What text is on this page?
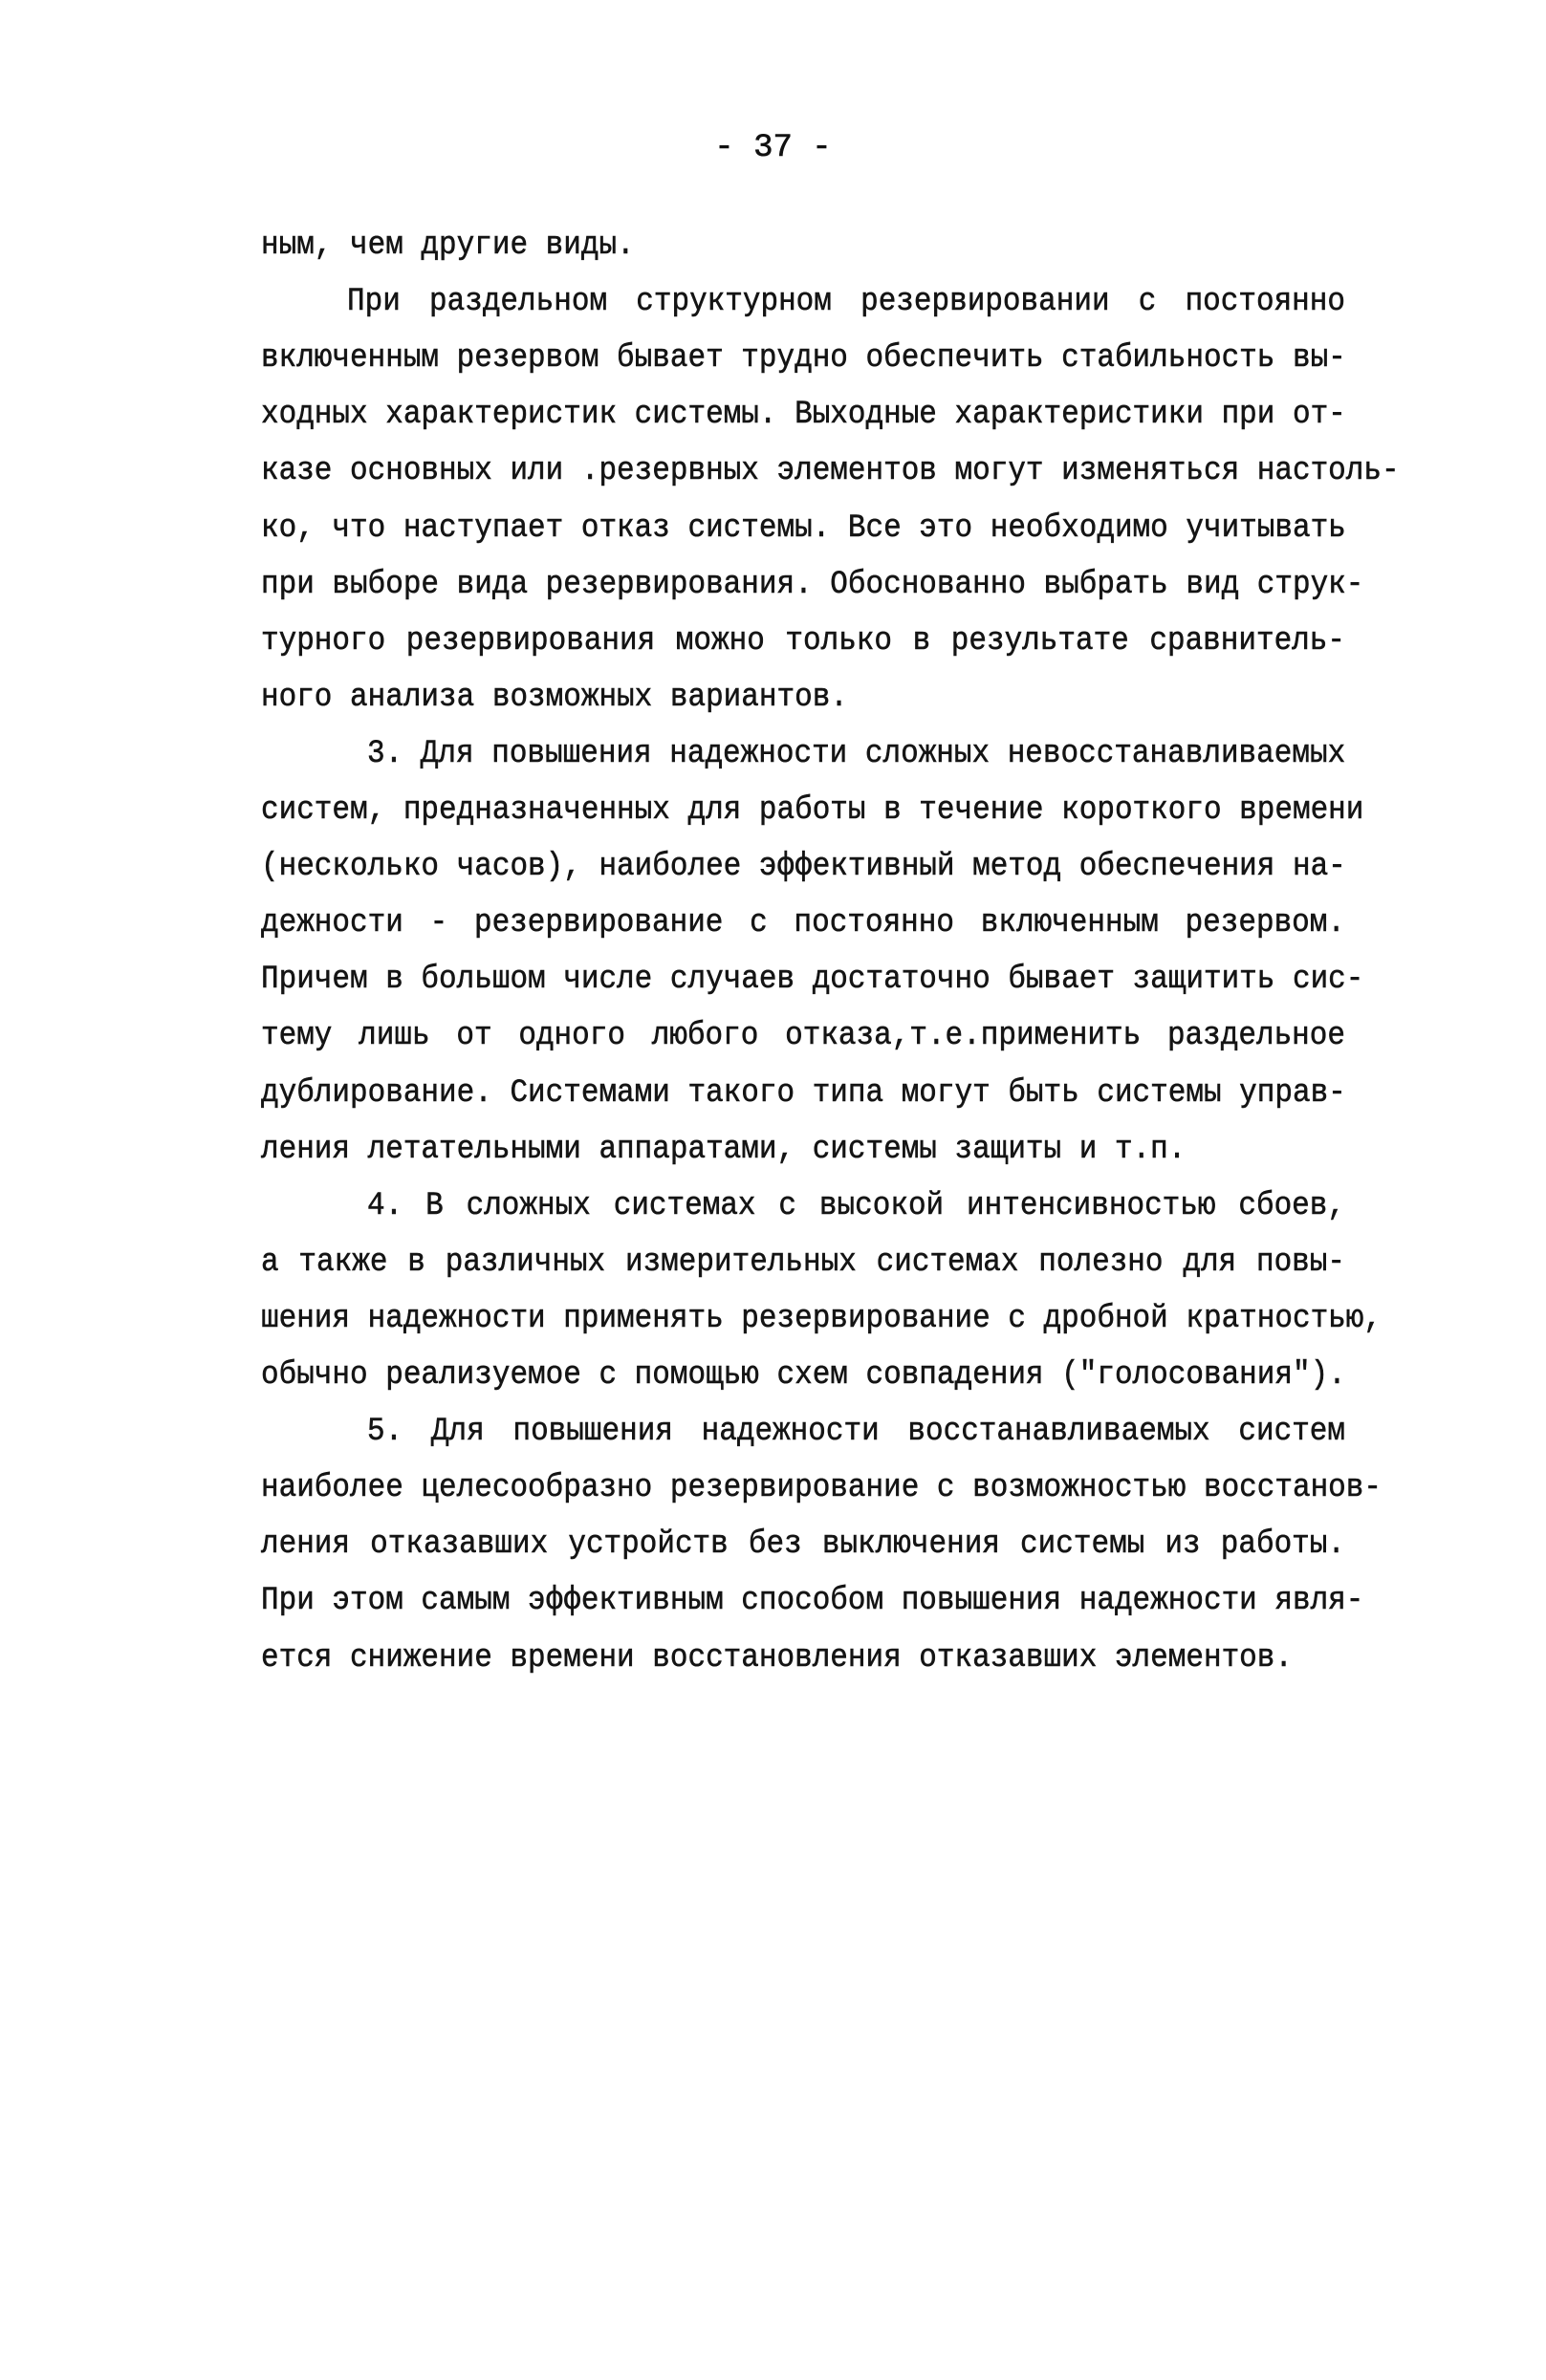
- 37 -
ным, чем другие виды.
При раздельном структурном резервировании с постоянно
включенным резервом бывает трудно обеспечить стабильность вы-
ходных характеристик системы. Выходные характеристики при от-
казе основных или .резервных элементов могут изменяться настоль-
ко, что наступает отказ системы. Все это необходимо учитывать
при выборе вида резервирования. Обоснованно выбрать вид струк-
турного резервирования можно только в результате сравнитель-
ного анализа возможных вариантов.
3. Для повышения надежности сложных невосстанавливаемых
систем, предназначенных для работы в течение короткого времени
(несколько часов), наиболее эффективный метод обеспечения на-
дежности - резервирование с постоянно включенным резервом.
Причем в большом числе случаев достаточно бывает защитить сис-
тему лишь от одного любого отказа,т.е.применить раздельное
дублирование. Системами такого типа могут быть системы управ-
ления летательными аппаратами, системы защиты и т.п.
4. В сложных системах с высокой интенсивностью сбоев,
а также в различных измерительных системах полезно для повы-
шения надежности применять резервирование с дробной кратностью,
обычно реализуемое с помощью схем совпадения ("голосования").
5. Для повышения надежности восстанавливаемых систем
наиболее целесообразно резервирование с возможностью восстанов-
ления отказавших устройств без выключения системы из работы.
При этом самым эффективным способом повышения надежности явля-
ется снижение времени восстановления отказавших элементов.
